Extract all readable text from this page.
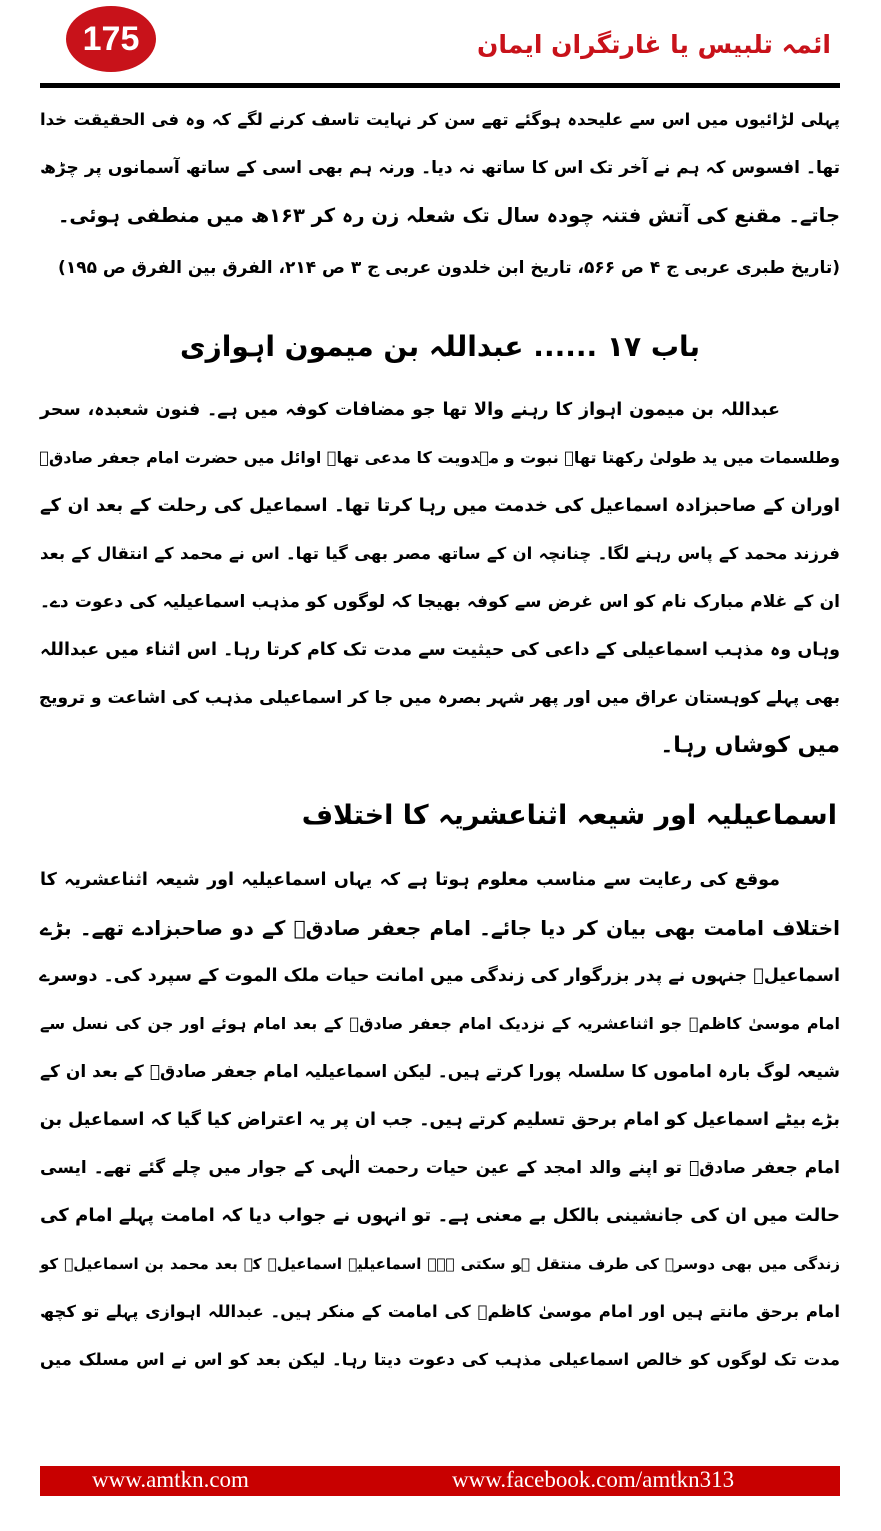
175	ائمہ تلبیس یا غارتگران ایمان
پہلی لڑائیوں میں اس سے علیحدہ ہوگئے تھے سن کر نہایت تاسف کرنے لگے کہ وہ فی الحقیقت خدا
تھا۔ افسوس کہ ہم نے آخر تک اس کا ساتھ نہ دیا۔ ورنہ ہم بھی اسی کے ساتھ آسمانوں پر چڑھ
جاتے۔ مقنع کی آتش فتنہ چودہ سال تک شعلہ زن رہ کر ۱۶۳ھ میں منطفی ہوئی۔
(تاریخ طبری عربی ج ۴ ص ۵۶۶، تاریخ ابن خلدون عربی ج ۳ ص ۲۱۴، الفرق بین الفرق ص ۱۹۵)
باب ۱۷ ...... عبداللہ بن میمون اہوازی
عبداللہ بن میمون اہواز کا رہنے والا تھا جو مضافات کوفہ میں ہے۔ فنون شعبدہ، سحر
وطلسمات میں ید طولیٰ رکھتا تھا۔ نبوت و مہدویت کا مدعی تھا۔ اوائل میں حضرت امام جعفر صادقؒ
اوران کے صاحبزادہ اسماعیل کی خدمت میں رہا کرتا تھا۔ اسماعیل کی رحلت کے بعد ان کے
فرزند محمد کے پاس رہنے لگا۔ چنانچہ ان کے ساتھ مصر بھی گیا تھا۔ اس نے محمد کے انتقال کے بعد
ان کے غلام مبارک نام کو اس غرض سے کوفہ بھیجا کہ لوگوں کو مذہب اسماعیلیہ کی دعوت دے۔
وہاں وہ مذہب اسماعیلی کے داعی کی حیثیت سے مدت تک کام کرتا رہا۔ اس اثناء میں عبداللہ
بھی پہلے کوہستان عراق میں اور پھر شہر بصرہ میں جا کر اسماعیلی مذہب کی اشاعت و ترویج
میں کوشاں رہا۔
اسماعیلیہ اور شیعہ اثناعشریہ کا اختلاف
موقع کی رعایت سے مناسب معلوم ہوتا ہے کہ یہاں اسماعیلیہ اور شیعہ اثناعشریہ کا
اختلاف امامت بھی بیان کر دیا جائے۔ امام جعفر صادقؒ کے دو صاحبزادے تھے۔ بڑے
اسماعیلؒ جنہوں نے پدر بزرگوار کی زندگی میں امانت حیات ملک الموت کے سپرد کی۔ دوسرے
امام موسیٰ کاظمؒ جو اثناعشریہ کے نزدیک امام جعفر صادقؒ کے بعد امام ہوئے اور جن کی نسل سے
شیعہ لوگ بارہ اماموں کا سلسلہ پورا کرتے ہیں۔ لیکن اسماعیلیہ امام جعفر صادقؒ کے بعد ان کے
بڑے بیٹے اسماعیل کو امام برحق تسلیم کرتے ہیں۔ جب ان پر یہ اعتراض کیا گیا کہ اسماعیل بن
امام جعفر صادقؒ تو اپنے والد امجد کے عین حیات رحمت الٰہی کے جوار میں چلے گئے تھے۔ ایسی
حالت میں ان کی جانشینی بالکل بے معنی ہے۔ تو انہوں نے جواب دیا کہ امامت پہلے امام کی
زندگی میں بھی دوسرے کی طرف منتقل ہو سکتی ہے۔ اسماعیلیہ اسماعیلؒ کے بعد محمد بن اسماعیلؒ کو
امام برحق مانتے ہیں اور امام موسیٰ کاظمؒ کی امامت کے منکر ہیں۔ عبداللہ اہوازی پہلے تو کچھ
مدت تک لوگوں کو خالص اسماعیلی مذہب کی دعوت دیتا رہا۔ لیکن بعد کو اس نے اس مسلک میں
www.amtkn.com	www.facebook.com/amtkn313
